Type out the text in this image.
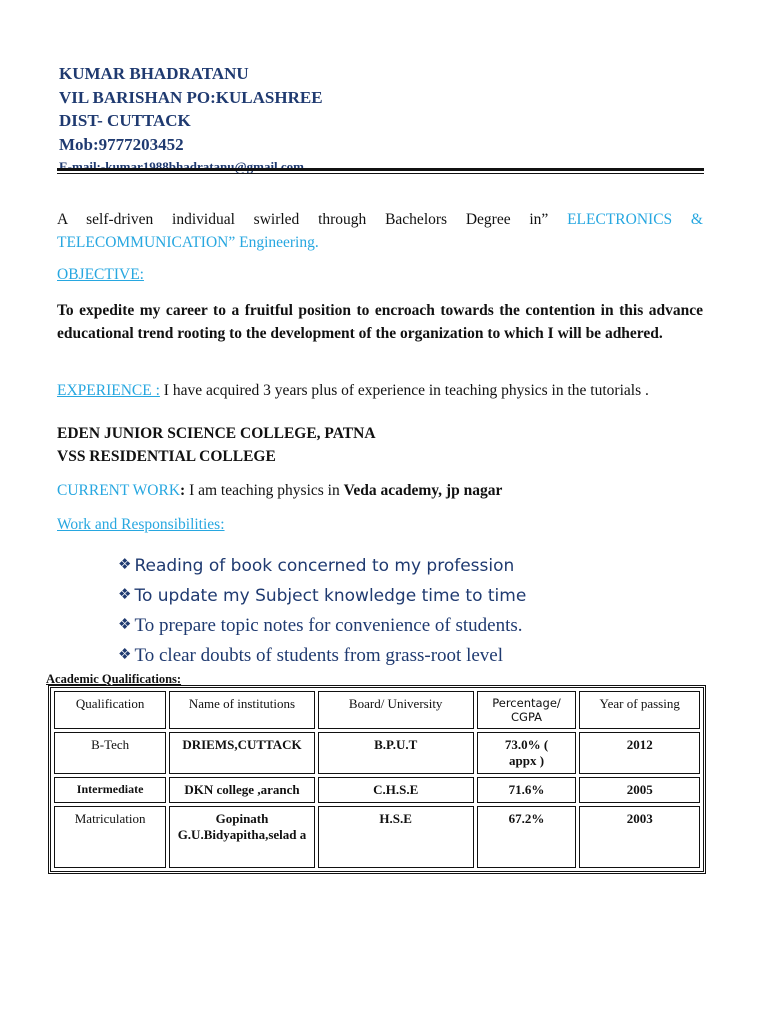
KUMAR BHADRATANU
VIL BARISHAN PO:KULASHREE
DIST- CUTTACK
Mob:9777203452
E-mail:-kumar1988bhadratanu@gmail.com
A self-driven individual swirled through Bachelors Degree in” ELECTRONICS & TELECOMMUNICATION” Engineering.
OBJECTIVE:
To expedite my career to a fruitful position to encroach towards the contention in this advance educational trend rooting to the development of the organization to which I will be adhered.
EXPERIENCE : I have acquired 3 years plus of experience in teaching physics in the tutorials .
EDEN JUNIOR SCIENCE COLLEGE, PATNA
VSS RESIDENTIAL COLLEGE
CURRENT WORK: I am teaching physics in Veda academy, jp nagar
Work and Responsibilities:
❖ Reading of book concerned to my profession
❖ To update my Subject knowledge time to time
❖ To prepare topic notes for convenience of students.
❖ To clear doubts of students from grass-root level
Academic Qualifications:
Qualification	Name of institutions	Board/ University	Percentage/ CGPA	Year of passing
B-Tech	DRIEMS,CUTTACK	B.P.U.T	73.0% ( appx )	2012
Intermediate	DKN college ,aranch	C.H.S.E	71.6%	2005
Matriculation	Gopinath G.U.Bidyapitha,selad a	H.S.E	67.2%	2003
